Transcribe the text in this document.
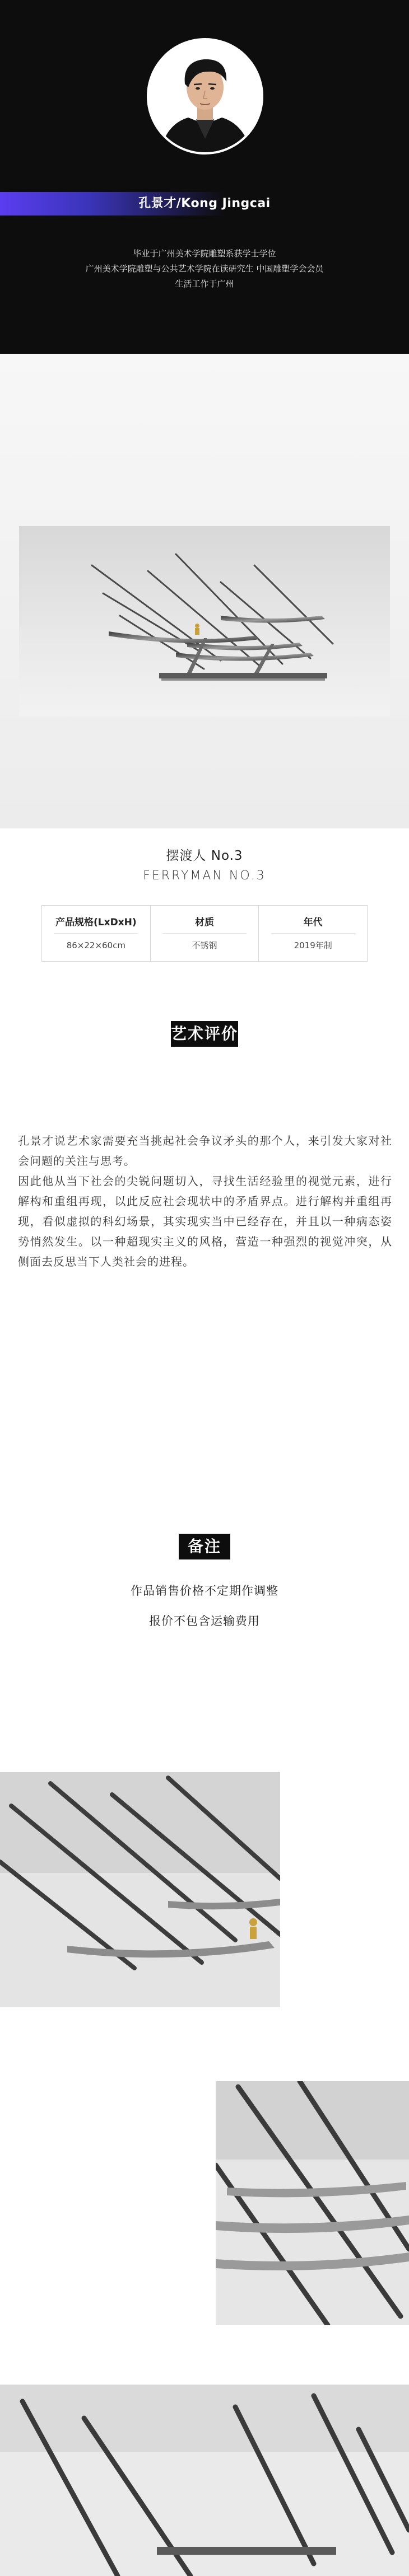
孔景才/Kong Jingcai
毕业于广州美术学院雕塑系获学士学位
广州美术学院雕塑与公共艺术学院在读研究生 中国雕塑学会会员
生活工作于广州
摆渡人 No.3
FERRYMAN NO.3
产品规格(LxDxH)
86×22×60cm
材质
不锈钢
年代
2019年制
艺术评价

孔景才说艺术家需要充当挑起社会争议矛头的那个人，来引发大家对社会问题的关注与思考。

因此他从当下社会的尖锐问题切入，寻找生活经验里的视觉元素，进行解构和重组再现，以此反应社会现状中的矛盾界点。进行解构并重组再现，看似虚拟的科幻场景，其实现实当中已经存在，并且以一种病态姿势悄然发生。以一种超现实主义的风格，营造一种强烈的视觉冲突，从侧面去反思当下人类社会的进程。

备注
作品销售价格不定期作调整
报价不包含运输费用
